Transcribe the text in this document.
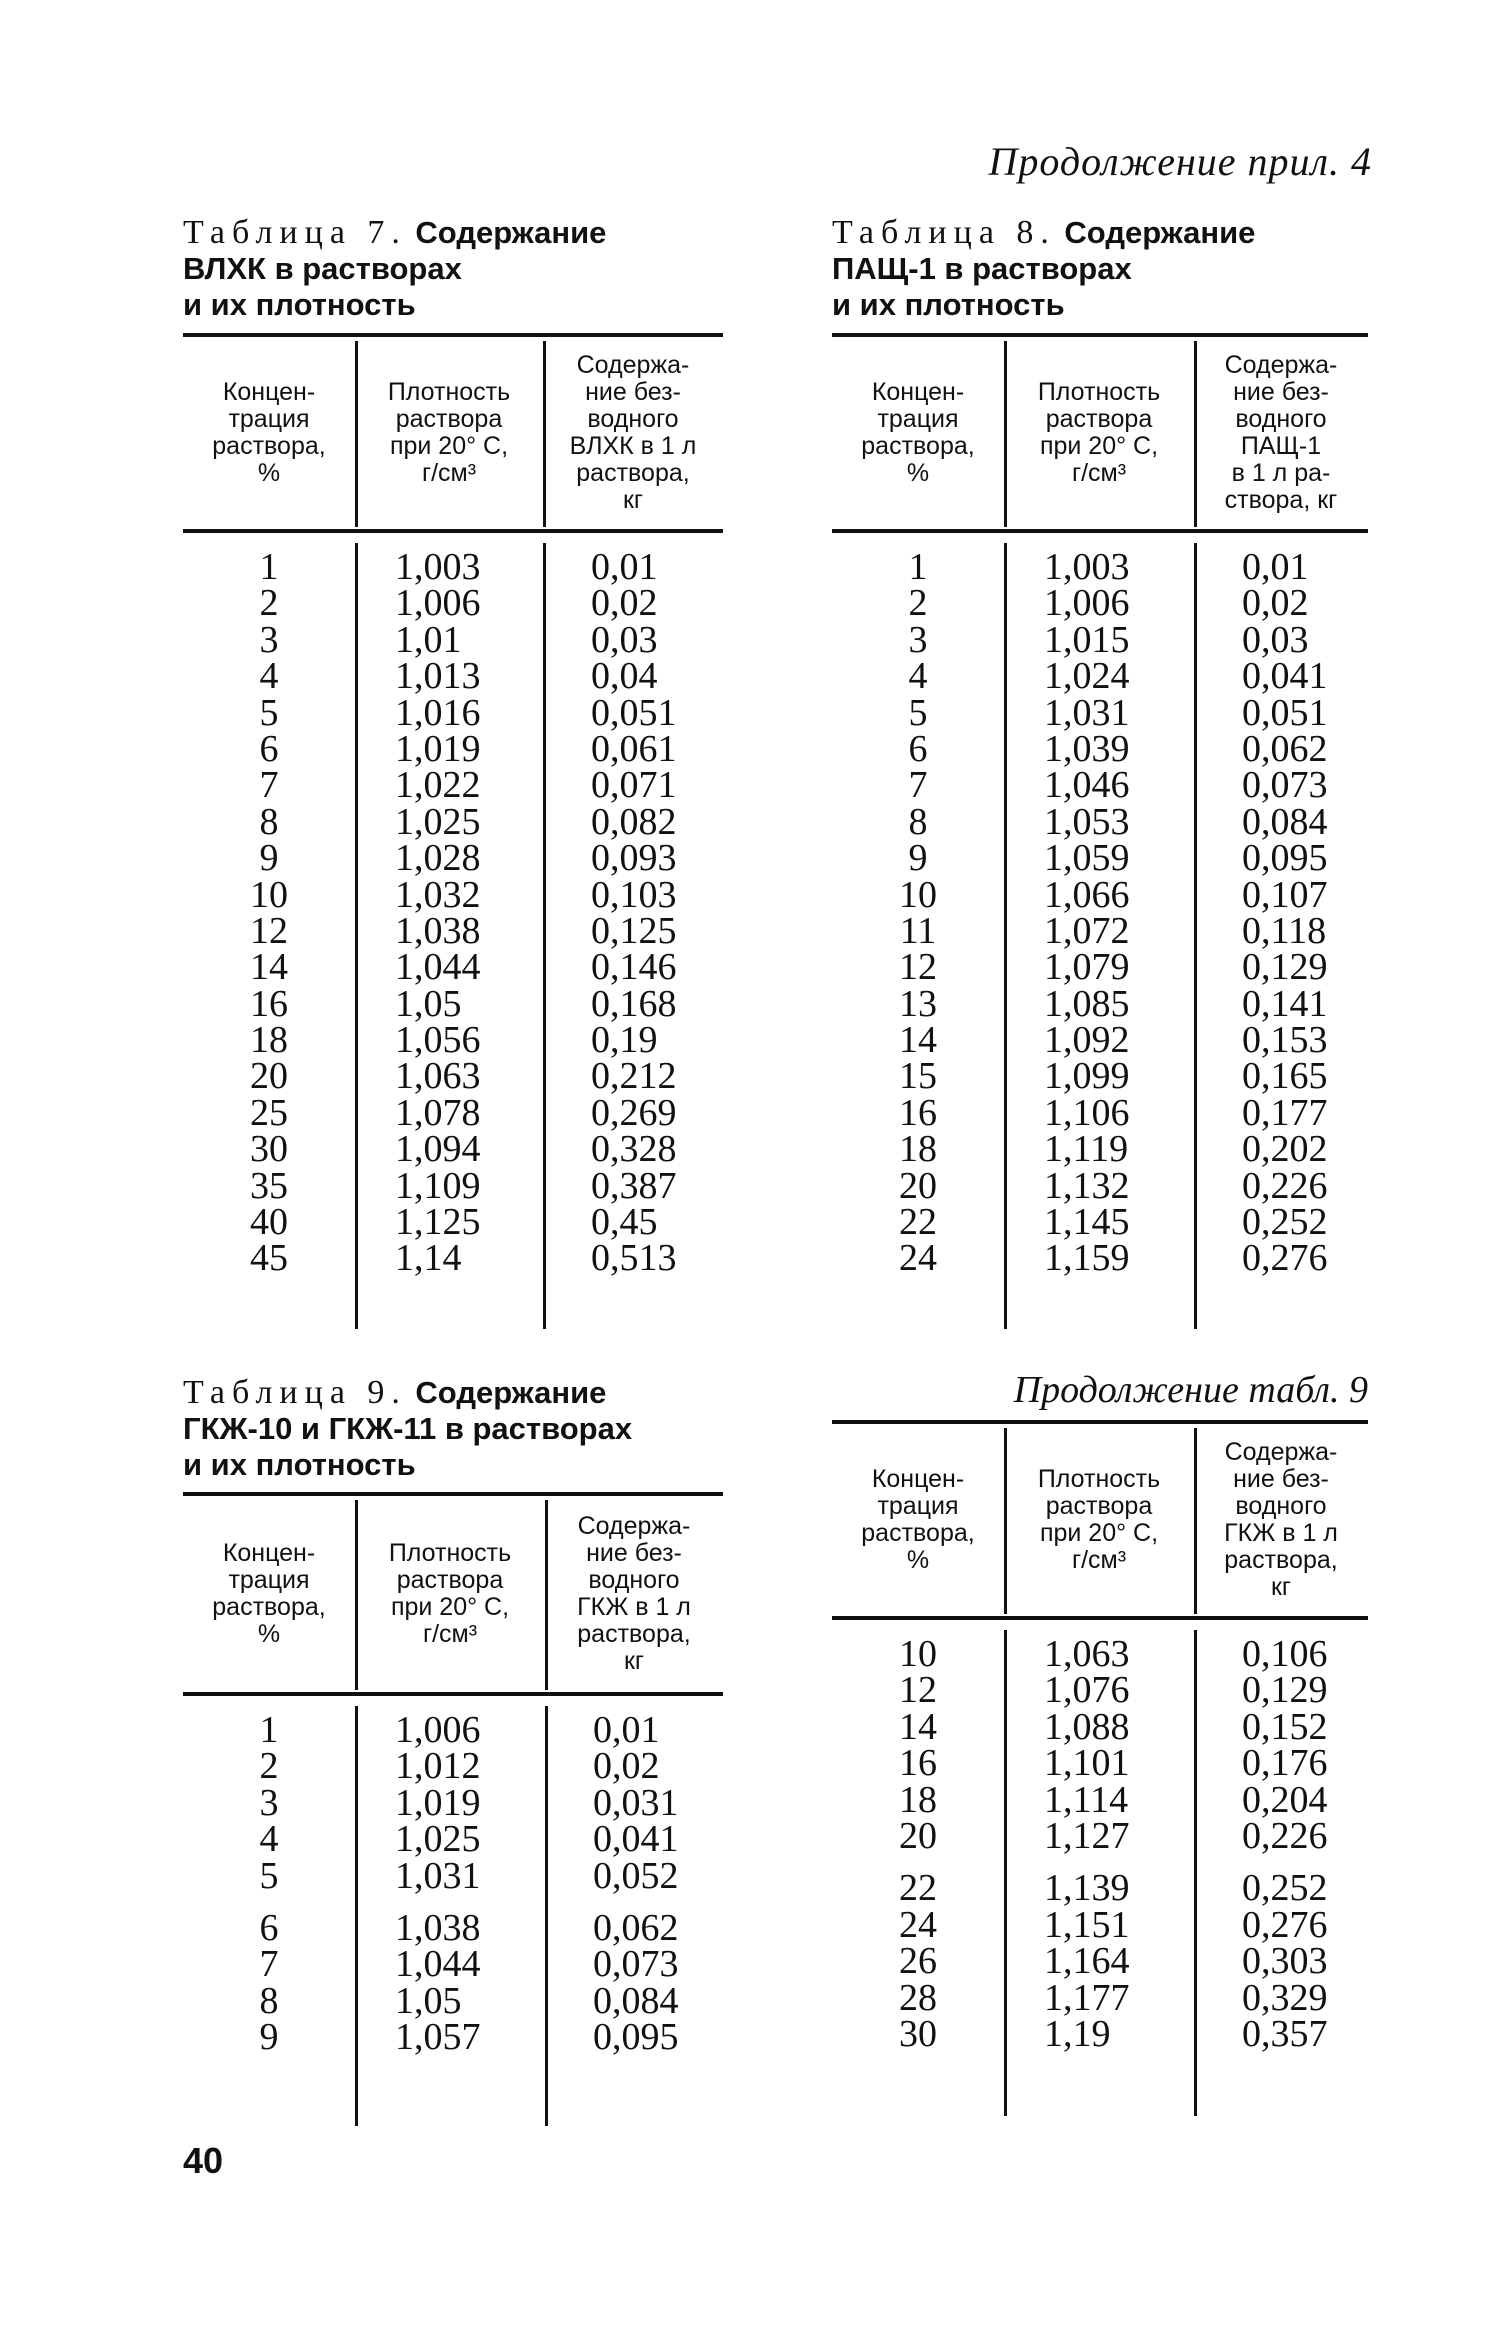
Продолжение прил. 4
Таблица 7. Содержание
ВЛХК в растворах
и их плотность
Концен-
трация
раствора,
%
Плотность
раствора
при 20° С,
г/см³
Содержа-
ние без-
водного
ВЛХК в 1 л
раствора,
кг
1	1,003	0,01
2	1,006	0,02
3	1,01	0,03
4	1,013	0,04
5	1,016	0,051
6	1,019	0,061
7	1,022	0,071
8	1,025	0,082
9	1,028	0,093
10	1,032	0,103
12	1,038	0,125
14	1,044	0,146
16	1,05	0,168
18	1,056	0,19
20	1,063	0,212
25	1,078	0,269
30	1,094	0,328
35	1,109	0,387
40	1,125	0,45
45	1,14	0,513
Таблица 8. Содержание
ПАЩ-1 в растворах
и их плотность
Концен-
трация
раствора,
%
Плотность
раствора
при 20° С,
г/см³
Содержа-
ние без-
водного
ПАЩ-1
в 1 л ра-
створа, кг
1	1,003	0,01
2	1,006	0,02
3	1,015	0,03
4	1,024	0,041
5	1,031	0,051
6	1,039	0,062
7	1,046	0,073
8	1,053	0,084
9	1,059	0,095
10	1,066	0,107
11	1,072	0,118
12	1,079	0,129
13	1,085	0,141
14	1,092	0,153
15	1,099	0,165
16	1,106	0,177
18	1,119	0,202
20	1,132	0,226
22	1,145	0,252
24	1,159	0,276
Таблица 9. Содержание
ГКЖ-10 и ГКЖ-11 в растворах
и их плотность
Концен-
трация
раствора,
%
Плотность
раствора
при 20° С,
г/см³
Содержа-
ние без-
водного
ГКЖ в 1 л
раствора,
кг
1	1,006	0,01
2	1,012	0,02
3	1,019	0,031
4	1,025	0,041
5	1,031	0,052
6	1,038	0,062
7	1,044	0,073
8	1,05	0,084
9	1,057	0,095
Продолжение табл. 9
Концен-
трация
раствора,
%
Плотность
раствора
при 20° С,
г/см³
Содержа-
ние без-
водного
ГКЖ в 1 л
раствора,
кг
10	1,063	0,106
12	1,076	0,129
14	1,088	0,152
16	1,101	0,176
18	1,114	0,204
20	1,127	0,226
22	1,139	0,252
24	1,151	0,276
26	1,164	0,303
28	1,177	0,329
30	1,19	0,357
40
